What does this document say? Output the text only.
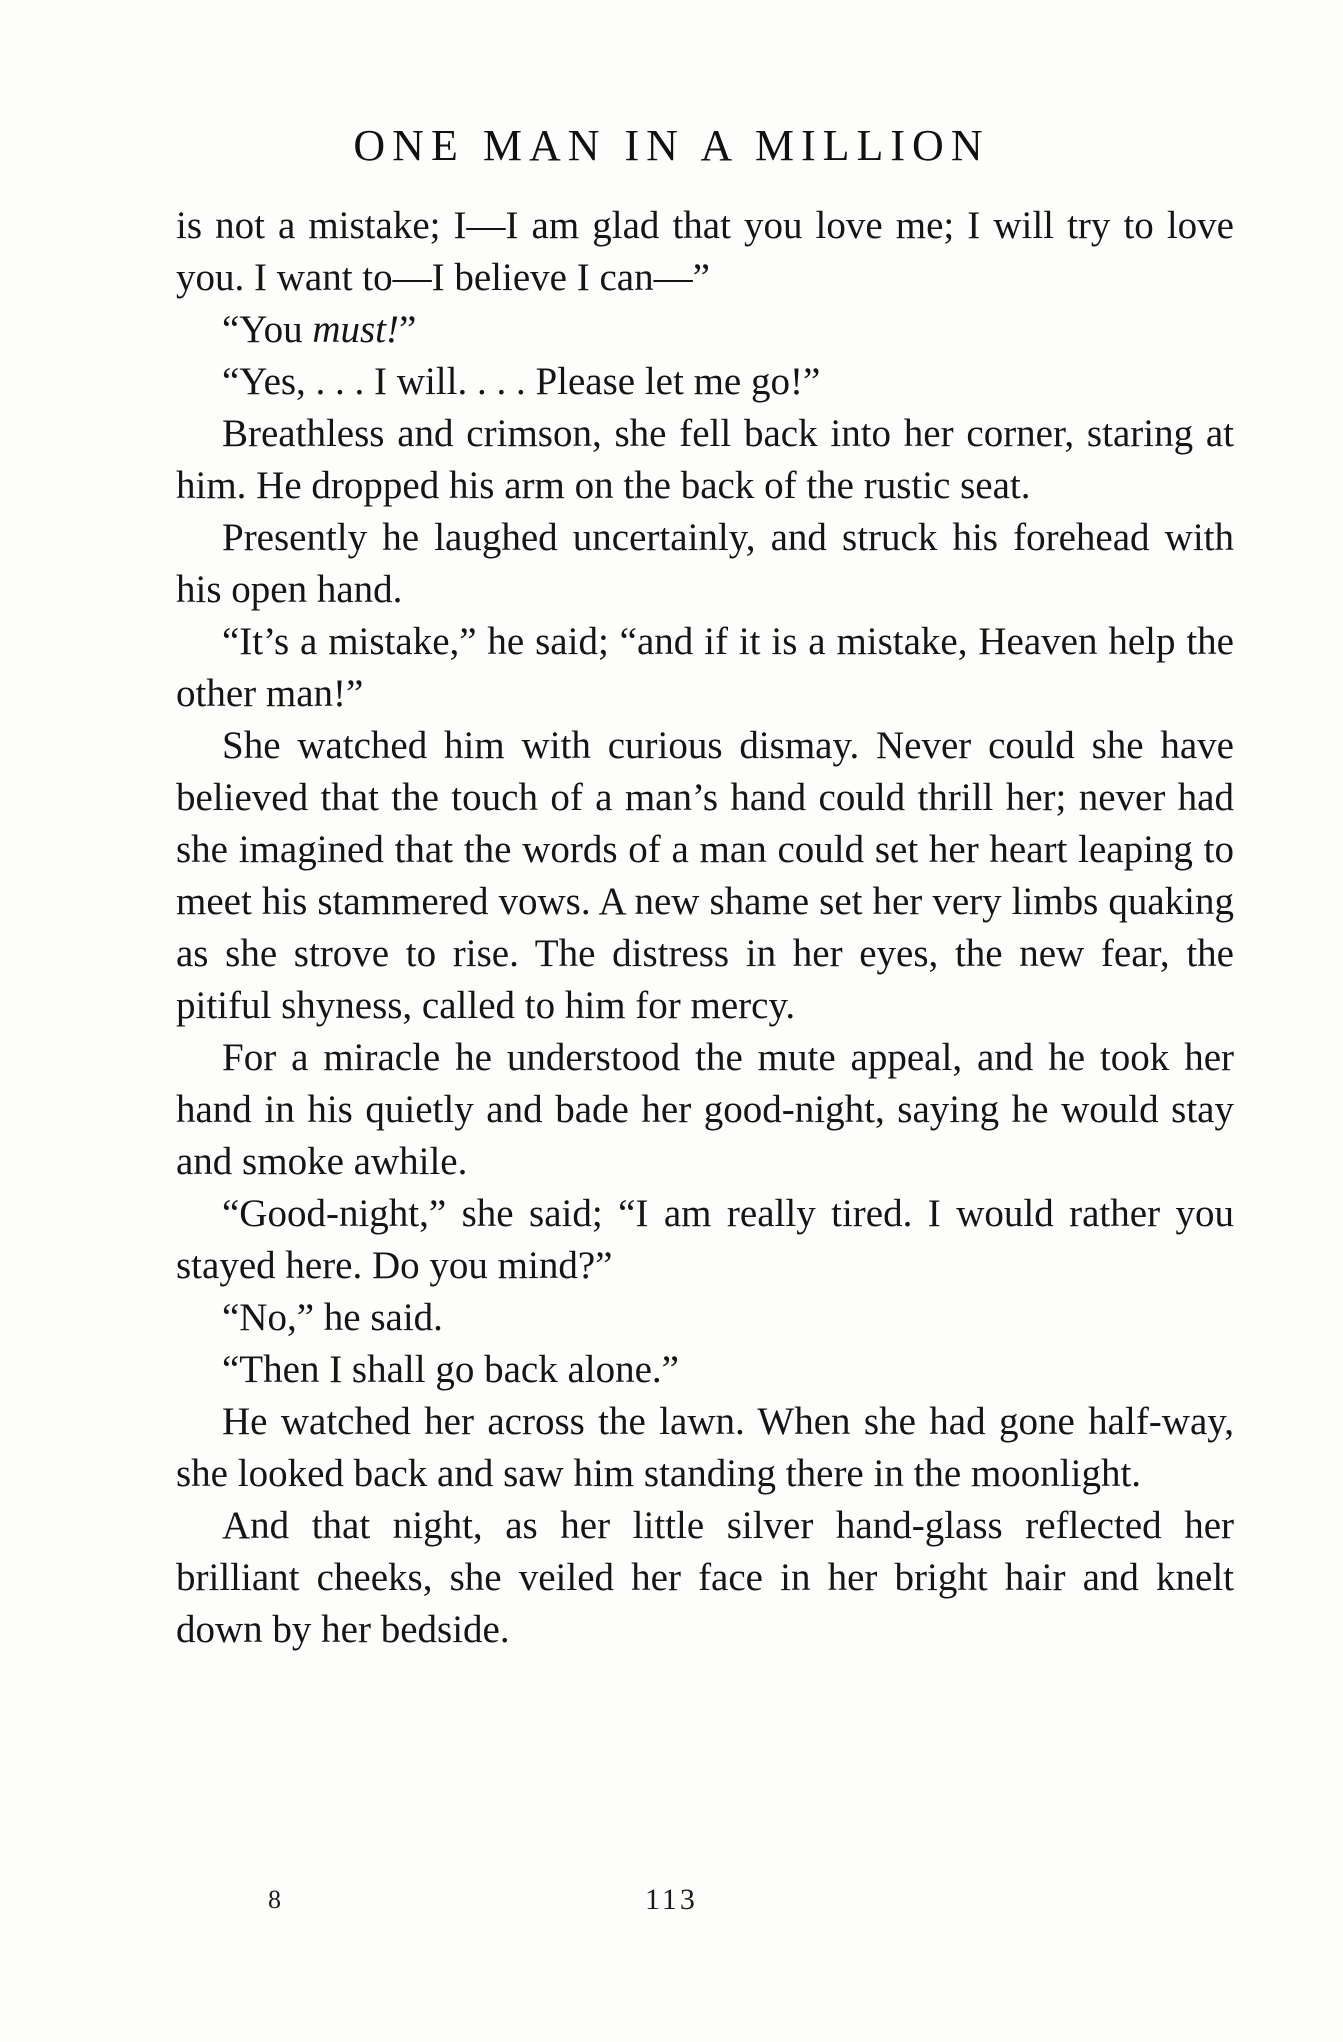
ONE MAN IN A MILLION

is not a mistake; I—I am glad that you love me; I will try to love you. I want to—I believe I can—”

“You must!”

“Yes, . . . I will. . . . Please let me go!”

Breathless and crimson, she fell back into her corner, staring at him. He dropped his arm on the back of the rustic seat.

Presently he laughed uncertainly, and struck his forehead with his open hand.

“It’s a mistake,” he said; “and if it is a mistake, Heaven help the other man!”

She watched him with curious dismay. Never could she have believed that the touch of a man’s hand could thrill her; never had she imagined that the words of a man could set her heart leaping to meet his stammered vows. A new shame set her very limbs quaking as she strove to rise. The distress in her eyes, the new fear, the pitiful shyness, called to him for mercy.

For a miracle he understood the mute appeal, and he took her hand in his quietly and bade her good-night, saying he would stay and smoke awhile.

“Good-night,” she said; “I am really tired. I would rather you stayed here. Do you mind?”

“No,” he said.

“Then I shall go back alone.”

He watched her across the lawn. When she had gone half-way, she looked back and saw him standing there in the moonlight.

And that night, as her little silver hand-glass reflected her brilliant cheeks, she veiled her face in her bright hair and knelt down by her bedside.

8	113
